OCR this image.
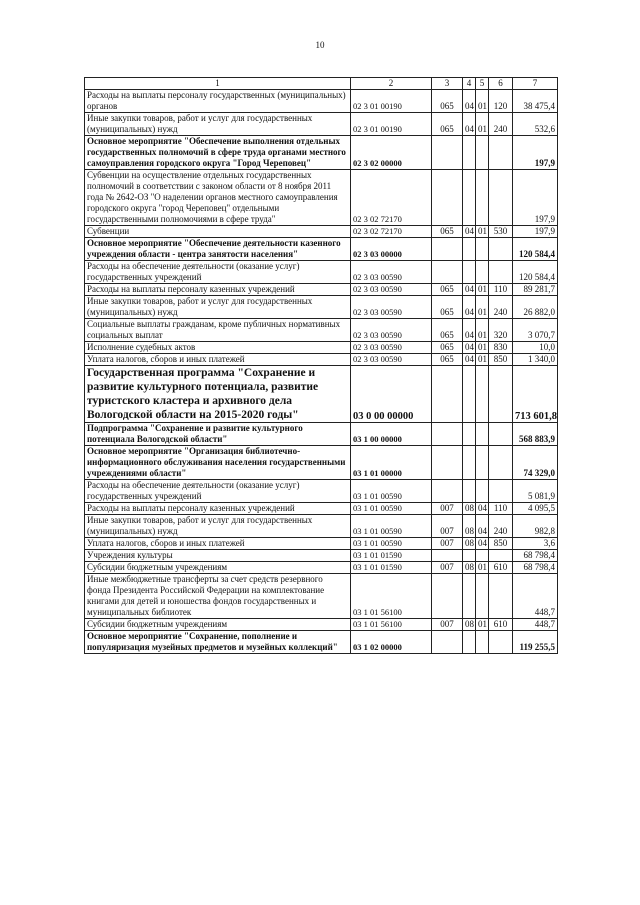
10
1	2	3	4	5	6	7
Расходы на выплаты персоналу государственных (муниципальных) органов	02 3 01 00190	065	04	01	120	38 475,4
Иные закупки товаров, работ и услуг для государственных (муниципальных) нужд	02 3 01 00190	065	04	01	240	532,6
Основное мероприятие "Обеспечение выполнения отдельных государственных полномочий в сфере труда органами местного самоуправления городского округа "Город Череповец"	02 3 02 00000					197,9
Субвенции на осуществление отдельных государственных полномочий в соответствии с законом области от 8 ноября 2011 года № 2642-ОЗ "О наделении органов местного самоуправления городского округа "город Череповец" отдельными государственными полномочиями в сфере труда"	02 3 02 72170					197,9
Субвенции	02 3 02 72170	065	04	01	530	197,9
Основное мероприятие "Обеспечение деятельности казенного учреждения области - центра занятости населения"	02 3 03 00000					120 584,4
Расходы на обеспечение деятельности (оказание услуг) государственных учреждений	02 3 03 00590					120 584,4
Расходы на выплаты персоналу казенных учреждений	02 3 03 00590	065	04	01	110	89 281,7
Иные закупки товаров, работ и услуг для государственных (муниципальных) нужд	02 3 03 00590	065	04	01	240	26 882,0
Социальные выплаты гражданам, кроме публичных нормативных социальных выплат	02 3 03 00590	065	04	01	320	3 070,7
Исполнение судебных актов	02 3 03 00590	065	04	01	830	10,0
Уплата налогов, сборов и иных платежей	02 3 03 00590	065	04	01	850	1 340,0
Государственная программа "Сохранение и развитие культурного потенциала, развитие туристского кластера и архивного дела Вологодской области на 2015-2020 годы"	03 0 00 00000					713 601,8
Подпрограмма "Сохранение и развитие культурного потенциала Вологодской области"	03 1 00 00000					568 883,9
Основное мероприятие "Организация библиотечно-информационного обслуживания населения государственными учреждениями области"	03 1 01 00000					74 329,0
Расходы на обеспечение деятельности (оказание услуг) государственных учреждений	03 1 01 00590					5 081,9
Расходы на выплаты персоналу казенных учреждений	03 1 01 00590	007	08	04	110	4 095,5
Иные закупки товаров, работ и услуг для государственных (муниципальных) нужд	03 1 01 00590	007	08	04	240	982,8
Уплата налогов, сборов и иных платежей	03 1 01 00590	007	08	04	850	3,6
Учреждения культуры	03 1 01 01590					68 798,4
Субсидии бюджетным учреждениям	03 1 01 01590	007	08	01	610	68 798,4
Иные межбюджетные трансферты за счет средств резервного фонда Президента Российской Федерации на комплектование книгами для детей и юношества фондов государственных и муниципальных библиотек	03 1 01 56100					448,7
Субсидии бюджетным учреждениям	03 1 01 56100	007	08	01	610	448,7
Основное мероприятие "Сохранение, пополнение и популяризация музейных предметов и музейных коллекций"	03 1 02 00000					119 255,5
